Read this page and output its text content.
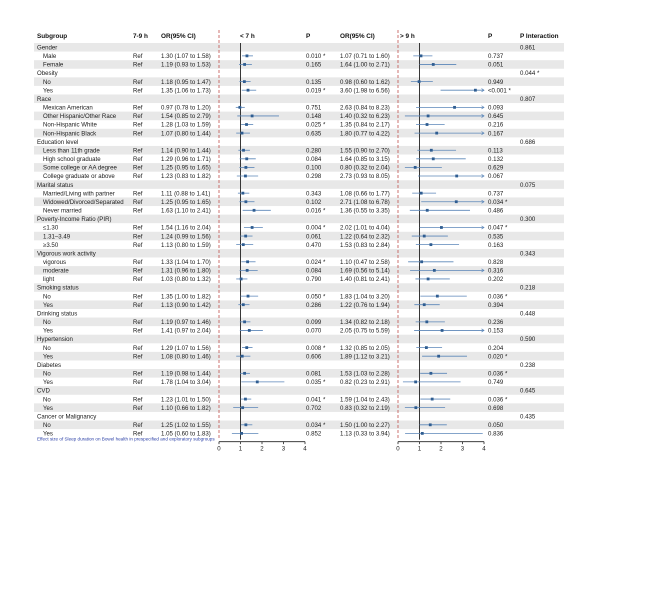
Subgroup	7-9 h OR(95% CI)	< 7 h	P	OR(95% CI)	> 9 h	P	P Interaction
Gender	0.861
Male	Ref	1.30 (1.07 to 1.58)	0.010 * 1.07 (0.71 to 1.60)	0.737
Female	Ref	1.19 (0.93 to 1.53)	0.165	1.64 (1.00 to 2.71)	0.051
Obesity	0.044 *
No	Ref	1.18 (0.95 to 1.47)	0.135	0.98 (0.60 to 1.62)	0.949
Yes	Ref	1.35 (1.06 to 1.73)	0.019 * 3.60 (1.98 to 6.56)	<0.001 *
Race	0.807
Mexican American	Ref	0.97 (0.78 to 1.20)	0.751	2.63 (0.84 to 8.23)	0.093
Other Hispanic/Other Race	Ref	1.54 (0.85 to 2.79)	0.148	1.40 (0.32 to 6.23)	0.645
Non-Hispanic White	Ref	1.28 (1.03 to 1.59)	0.025 * 1.35 (0.84 to 2.17)	0.216
Non-Hispanic Black	Ref	1.07 (0.80 to 1.44)	0.635	1.80 (0.77 to 4.22)	0.167
Education level	0.686
Less than 11th grade	Ref	1.14 (0.90 to 1.44)	0.280	1.55 (0.90 to 2.70)	0.113
High school graduate	Ref	1.29 (0.96 to 1.71)	0.084	1.64 (0.85 to 3.15)	0.132
Some college or AA degree	Ref	1.25 (0.95 to 1.65)	0.100	0.80 (0.32 to 2.04)	0.629
College graduate or above	Ref	1.23 (0.83 to 1.82)	0.298	2.73 (0.93 to 8.05)	0.067
Marital status	0.075
Married/Living with partner	Ref	1.11 (0.88 to 1.41)	0.343	1.08 (0.66 to 1.77)	0.737
Widowed/Divorced/Separated Ref	1.25 (0.95 to 1.65)	0.102	2.71 (1.08 to 6.78)	0.034 *
Never married	Ref	1.63 (1.10 to 2.41)	0.016 * 1.36 (0.55 to 3.35)	0.486
Poverty-Income Ratio (PIR)	0.300
≤1.30	Ref	1.54 (1.16 to 2.04)	0.004 * 2.02 (1.01 to 4.04)	0.047 *
1.31–3.49	Ref	1.24 (0.99 to 1.56)	0.061	1.22 (0.64 to 2.32)	0.535
≥3.50	Ref	1.13 (0.80 to 1.59)	0.470	1.53 (0.83 to 2.84)	0.163
Vigorous work activity	0.343
vigorous	Ref	1.33 (1.04 to 1.70)	0.024 * 1.10 (0.47 to 2.58)	0.828
moderate	Ref	1.31 (0.96 to 1.80)	0.084	1.69 (0.56 to 5.14)	0.316
light	Ref	1.03 (0.80 to 1.32)	0.790	1.40 (0.81 to 2.41)	0.202
Smoking status	0.218
No	Ref	1.35 (1.00 to 1.82)	0.050 * 1.83 (1.04 to 3.20)	0.036 *
Yes	Ref	1.13 (0.90 to 1.42)	0.286	1.22 (0.76 to 1.94)	0.394
Drinking status	0.448
No	Ref	1.19 (0.97 to 1.46)	0.099	1.34 (0.82 to 2.18)	0.236
Yes	Ref	1.41 (0.97 to 2.04)	0.070	2.05 (0.75 to 5.59)	0.153
Hypertension	0.590
No	Ref	1.29 (1.07 to 1.56)	0.008 * 1.32 (0.85 to 2.05)	0.204
Yes	Ref	1.08 (0.80 to 1.46)	0.606	1.89 (1.12 to 3.21)	0.020 *
Diabetes	0.238
No	Ref	1.19 (0.98 to 1.44)	0.081	1.53 (1.03 to 2.28)	0.036 *
Yes	Ref	1.78 (1.04 to 3.04)	0.035 * 0.82 (0.23 to 2.91)	0.749
CVD	0.645
No	Ref	1.23 (1.01 to 1.50)	0.041 * 1.59 (1.04 to 2.43)	0.036 *
Yes	Ref	1.10 (0.66 to 1.82)	0.702	0.83 (0.32 to 2.19)	0.698
Cancer or Malignancy	0.435
No	Ref	1.25 (1.02 to 1.55)	0.034 * 1.50 (1.00 to 2.27)	0.050
Yes	Ref	1.05 (0.60 to 1.83)	0.852	1.13 (0.33 to 3.94)	0.836
0	1	2	3	4	0	1	2	3	4
Effect size of Sleep duration on Bowel health in prespecified and exploratory subgroups
